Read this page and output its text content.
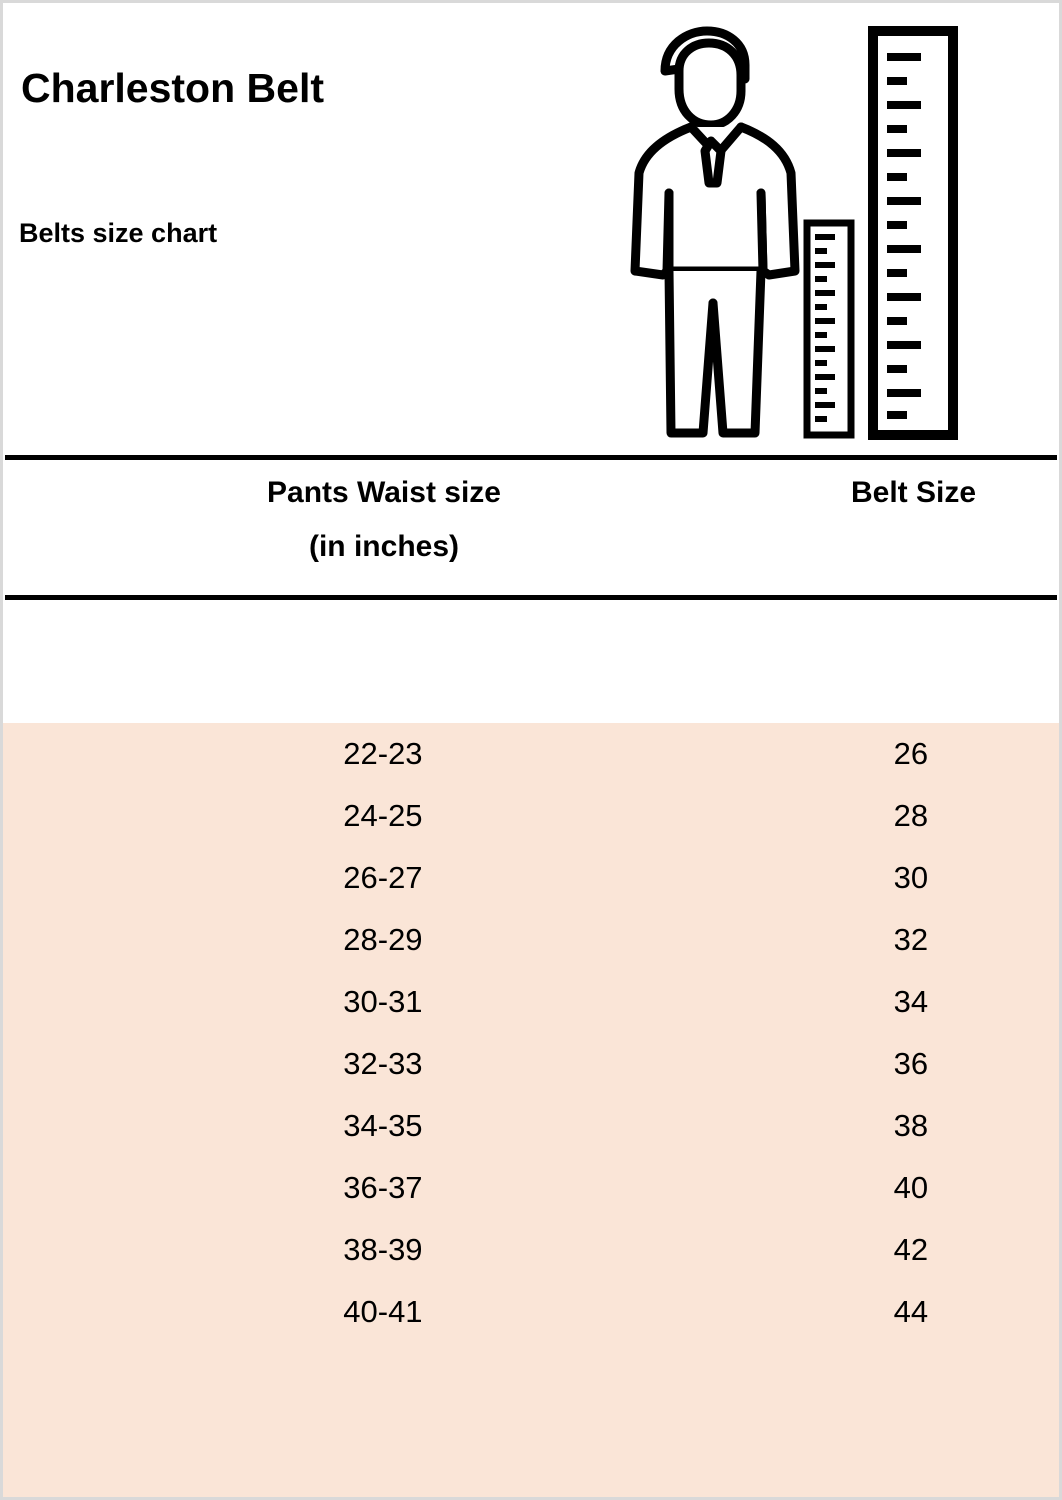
Charleston Belt
Belts size chart
Pants Waist size
(in inches)
Belt Size
22-23	26
24-25	28
26-27	30
28-29	32
30-31	34
32-33	36
34-35	38
36-37	40
38-39	42
40-41	44
